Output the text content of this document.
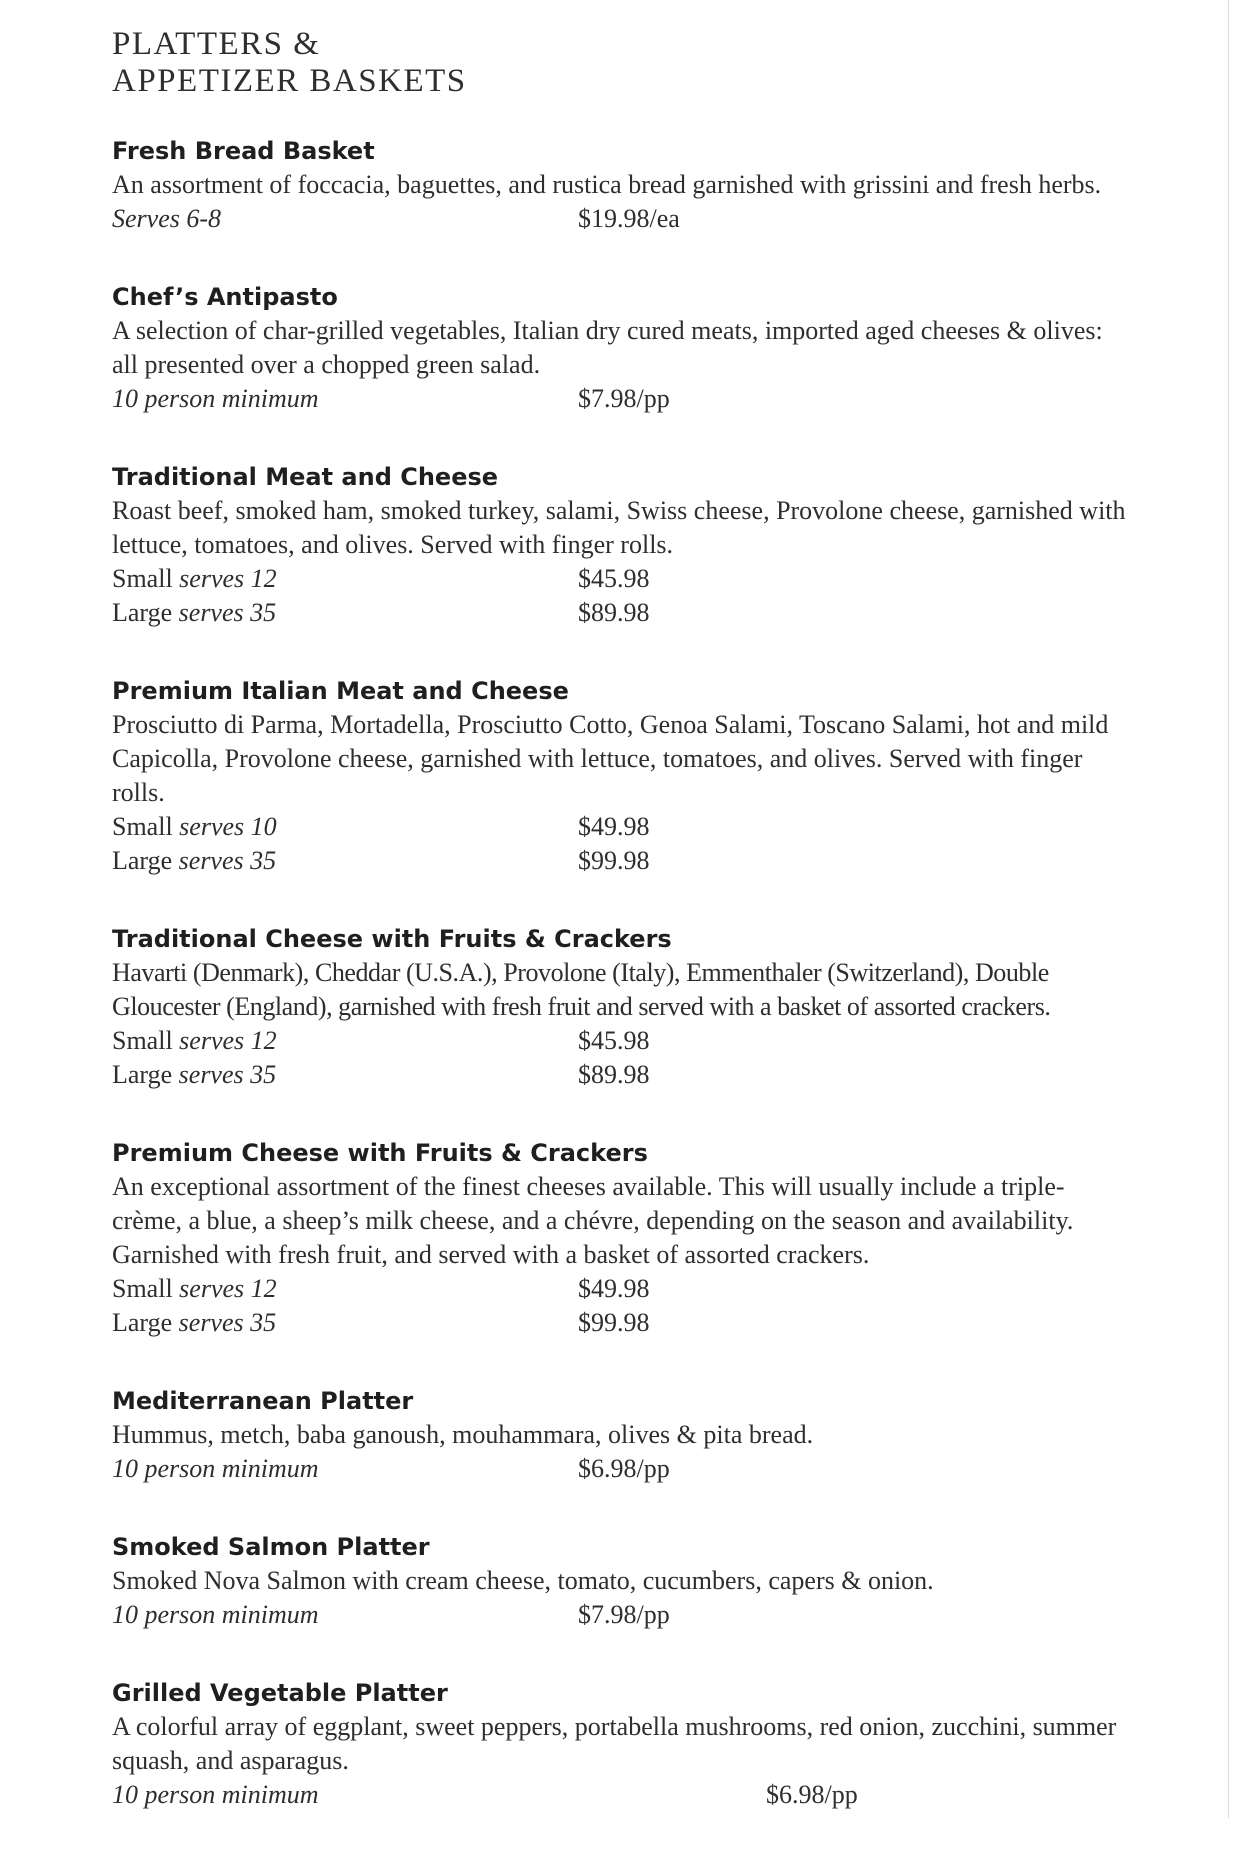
PLATTERS &
APPETIZER BASKETS

Fresh Bread Basket

An assortment of foccacia, baguettes, and rustica bread garnished with grissini and fresh herbs.

Serves 6-8	$19.98/ea

Chef’s Antipasto

A selection of char-grilled vegetables, Italian dry cured meats, imported aged cheeses & olives: all presented over a chopped green salad.

10 person minimum	$7.98/pp

Traditional Meat and Cheese

Roast beef, smoked ham, smoked turkey, salami, Swiss cheese, Provolone cheese, garnished with lettuce, tomatoes, and olives. Served with finger rolls.

Small serves 12	$45.98
Large serves 35	$89.98

Premium Italian Meat and Cheese

Prosciutto di Parma, Mortadella, Prosciutto Cotto, Genoa Salami, Toscano Salami, hot and mild Capicolla, Provolone cheese, garnished with lettuce, tomatoes, and olives. Served with finger rolls.

Small serves 10	$49.98
Large serves 35	$99.98

Traditional Cheese with Fruits & Crackers

Havarti (Denmark), Cheddar (U.S.A.), Provolone (Italy), Emmenthaler (Switzerland), Double Gloucester (England), garnished with fresh fruit and served with a basket of assorted crackers.

Small serves 12	$45.98
Large serves 35	$89.98

Premium Cheese with Fruits & Crackers

An exceptional assortment of the finest cheeses available. This will usually include a triple-crème, a blue, a sheep’s milk cheese, and a chévre, depending on the season and availability. Garnished with fresh fruit, and served with a basket of assorted crackers.

Small serves 12	$49.98
Large serves 35	$99.98

Mediterranean Platter

Hummus, metch, baba ganoush, mouhammara, olives & pita bread.

10 person minimum	$6.98/pp

Smoked Salmon Platter

Smoked Nova Salmon with cream cheese, tomato, cucumbers, capers & onion.

10 person minimum	$7.98/pp

Grilled Vegetable Platter

A colorful array of eggplant, sweet peppers, portabella mushrooms, red onion, zucchini, summer squash, and asparagus.

10 person minimum	$6.98/pp
